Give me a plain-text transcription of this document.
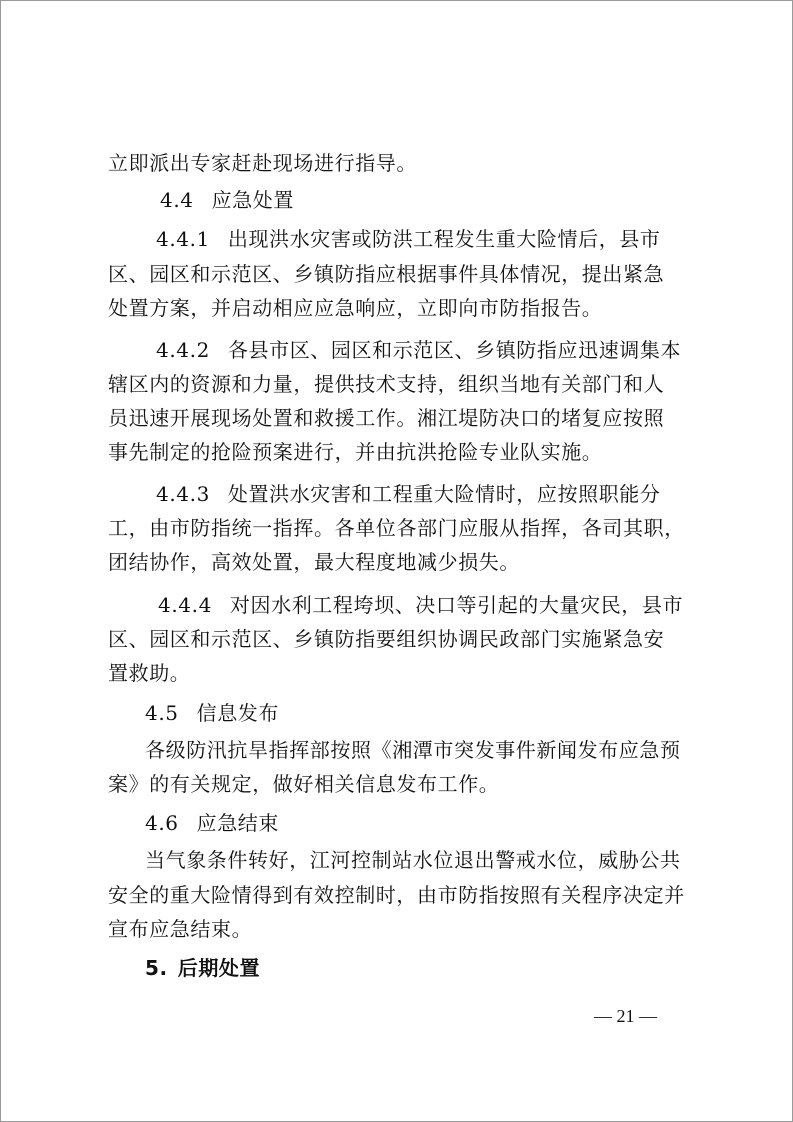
立即派出专家赶赴现场进行指导。
4.4 应急处置
4.4.1 出现洪水灾害或防洪工程发生重大险情后，县市
区、园区和示范区、乡镇防指应根据事件具体情况，提出紧急
处置方案，并启动相应应急响应，立即向市防指报告。
4.4.2 各县市区、园区和示范区、乡镇防指应迅速调集本
辖区内的资源和力量，提供技术支持，组织当地有关部门和人
员迅速开展现场处置和救援工作。湘江堤防决口的堵复应按照
事先制定的抢险预案进行，并由抗洪抢险专业队实施。
4.4.3 处置洪水灾害和工程重大险情时，应按照职能分
工，由市防指统一指挥。各单位各部门应服从指挥，各司其职，
团结协作，高效处置，最大程度地减少损失。
4.4.4 对因水利工程垮坝、决口等引起的大量灾民，县市
区、园区和示范区、乡镇防指要组织协调民政部门实施紧急安
置救助。
4.5 信息发布
各级防汛抗旱指挥部按照《湘潭市突发事件新闻发布应急预
案》的有关规定，做好相关信息发布工作。
4.6 应急结束
当气象条件转好，江河控制站水位退出警戒水位，威胁公共
安全的重大险情得到有效控制时，由市防指按照有关程序决定并
宣布应急结束。
5. 后期处置
— 21 —
